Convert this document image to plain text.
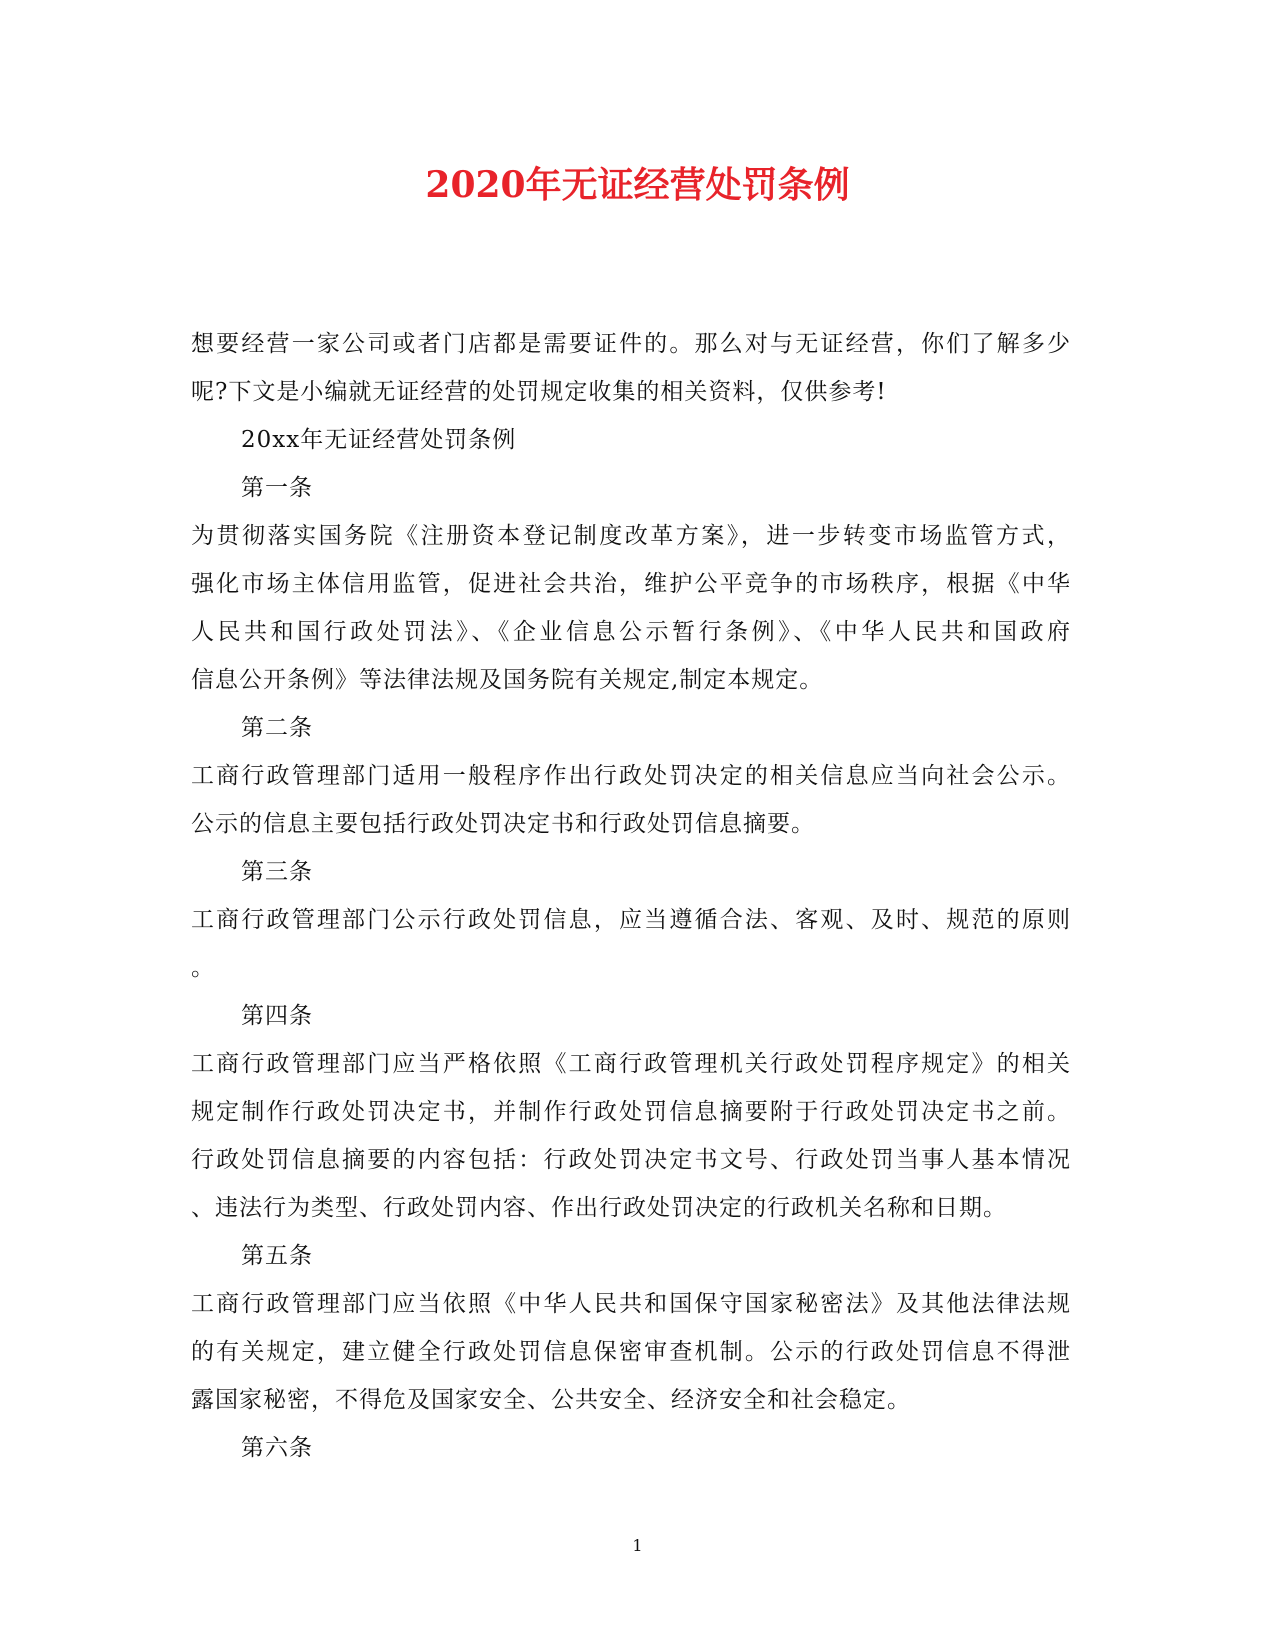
2020年无证经营处罚条例
想要经营一家公司或者门店都是需要证件的。那么对与无证经营，你们了解多少
呢?下文是小编就无证经营的处罚规定收集的相关资料，仅供参考!
20xx年无证经营处罚条例
第一条
为贯彻落实国务院《注册资本登记制度改革方案》，进一步转变市场监管方式，
强化市场主体信用监管，促进社会共治，维护公平竞争的市场秩序，根据《中华
人民共和国行政处罚法》、《企业信息公示暂行条例》、《中华人民共和国政府
信息公开条例》等法律法规及国务院有关规定,制定本规定。
第二条
工商行政管理部门适用一般程序作出行政处罚决定的相关信息应当向社会公示。
公示的信息主要包括行政处罚决定书和行政处罚信息摘要。
第三条
工商行政管理部门公示行政处罚信息，应当遵循合法、客观、及时、规范的原则
。
第四条
工商行政管理部门应当严格依照《工商行政管理机关行政处罚程序规定》的相关
规定制作行政处罚决定书，并制作行政处罚信息摘要附于行政处罚决定书之前。
行政处罚信息摘要的内容包括：行政处罚决定书文号、行政处罚当事人基本情况
、违法行为类型、行政处罚内容、作出行政处罚决定的行政机关名称和日期。
第五条
工商行政管理部门应当依照《中华人民共和国保守国家秘密法》及其他法律法规
的有关规定，建立健全行政处罚信息保密审查机制。公示的行政处罚信息不得泄
露国家秘密，不得危及国家安全、公共安全、经济安全和社会稳定。
第六条
1
